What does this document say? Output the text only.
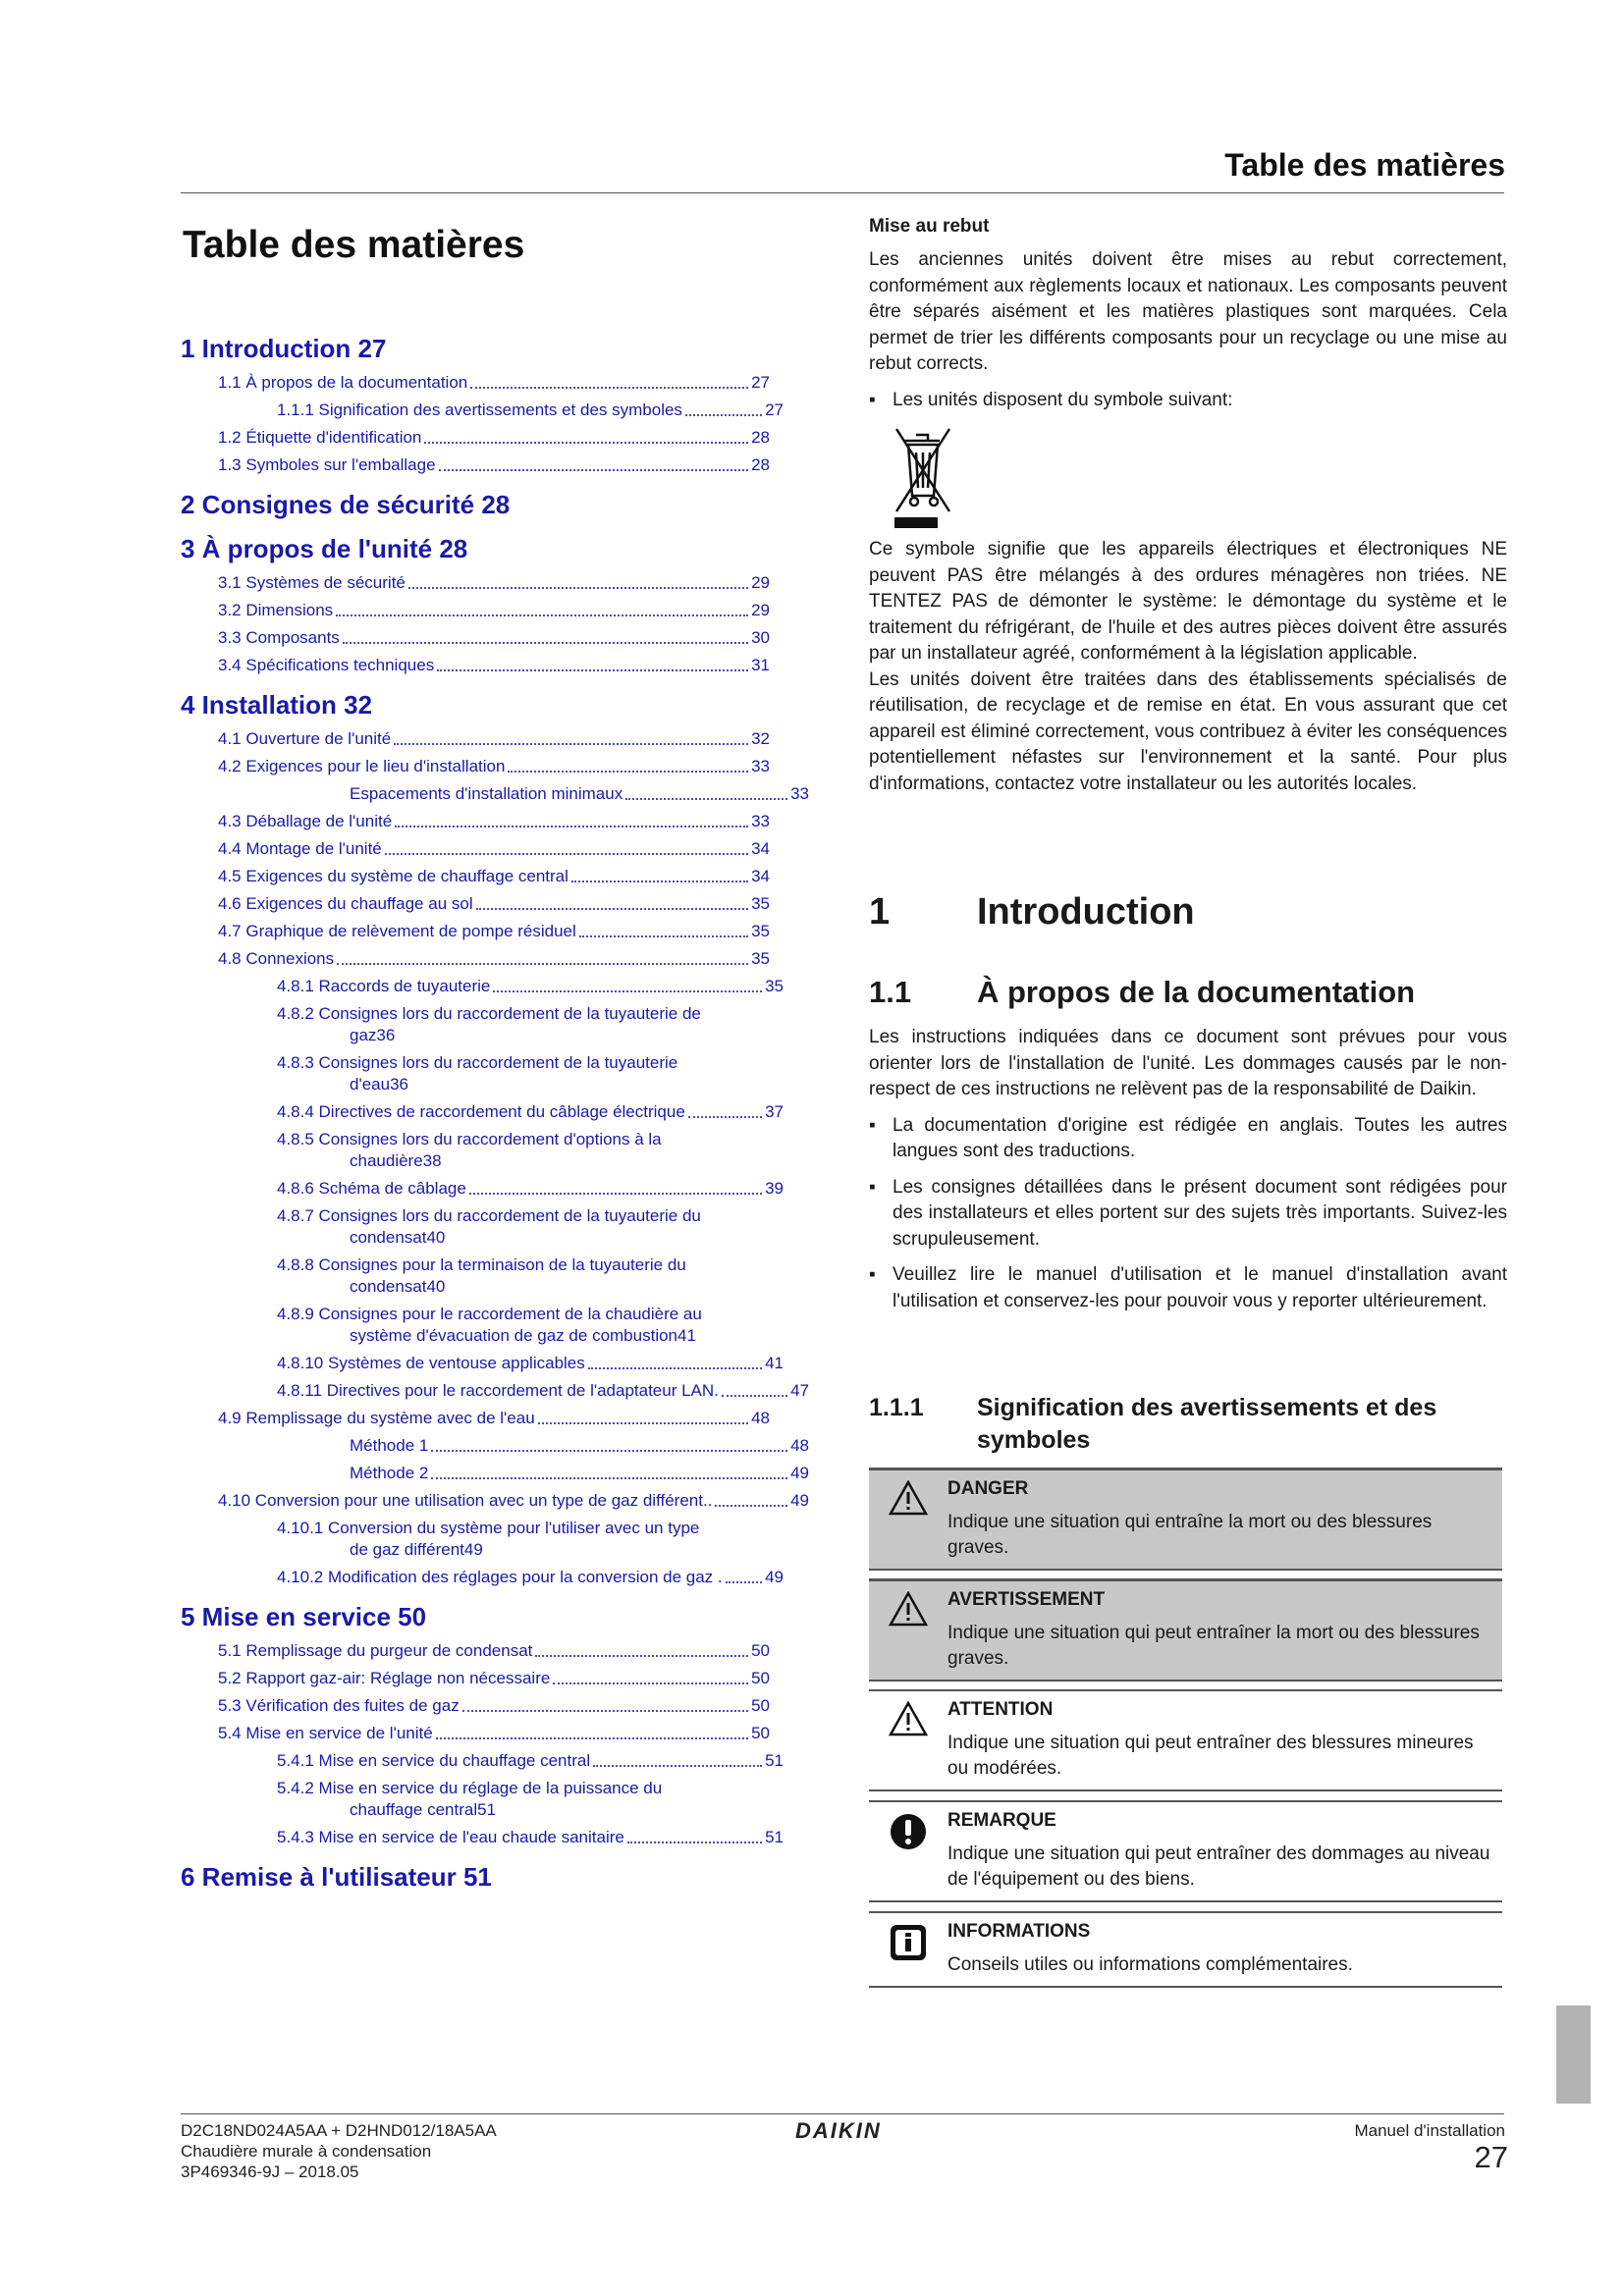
Table des matières
Table des matières
1 Introduction 27
1.1 À propos de la documentation	27
1.1.1 Signification des avertissements et des symboles	27
1.2 Étiquette d'identification	28
1.3 Symboles sur l'emballage	28
2 Consignes de sécurité 28
3 À propos de l'unité 28
3.1 Systèmes de sécurité	29
3.2 Dimensions	29
3.3 Composants	30
3.4 Spécifications techniques	31
4 Installation 32
4.1 Ouverture de l'unité	32
4.2 Exigences pour le lieu d'installation	33
Espacements d'installation minimaux	33
4.3 Déballage de l'unité	33
4.4 Montage de l'unité	34
4.5 Exigences du système de chauffage central	34
4.6 Exigences du chauffage au sol	35
4.7 Graphique de relèvement de pompe résiduel	35
4.8 Connexions	35
4.8.1 Raccords de tuyauterie	35
4.8.2 Consignes lors du raccordement de la tuyauterie de
gaz 36
4.8.3 Consignes lors du raccordement de la tuyauterie
d'eau 36
4.8.4 Directives de raccordement du câblage électrique	37
4.8.5 Consignes lors du raccordement d'options à la
chaudière 38
4.8.6 Schéma de câblage	39
4.8.7 Consignes lors du raccordement de la tuyauterie du
condensat 40
4.8.8 Consignes pour la terminaison de la tuyauterie du
condensat 40
4.8.9 Consignes pour le raccordement de la chaudière au
système d'évacuation de gaz de combustion 41
4.8.10 Systèmes de ventouse applicables	41
4.8.11 Directives pour le raccordement de l'adaptateur LAN.	47
4.9 Remplissage du système avec de l'eau	48
Méthode 1	48
Méthode 2	49
4.10 Conversion pour une utilisation avec un type de gaz différent..	49
4.10.1 Conversion du système pour l'utiliser avec un type
de gaz différent 49
4.10.2 Modification des réglages pour la conversion de gaz .	49
5 Mise en service 50
5.1 Remplissage du purgeur de condensat	50
5.2 Rapport gaz-air: Réglage non nécessaire	50
5.3 Vérification des fuites de gaz	50
5.4 Mise en service de l'unité	50
5.4.1 Mise en service du chauffage central	51
5.4.2 Mise en service du réglage de la puissance du
chauffage central 51
5.4.3 Mise en service de l'eau chaude sanitaire	51
6 Remise à l'utilisateur 51
Mise au rebut

Les anciennes unités doivent être mises au rebut correctement, conformément aux règlements locaux et nationaux. Les composants peuvent être séparés aisément et les matières plastiques sont marquées. Cela permet de trier les différents composants pour un recyclage ou une mise au rebut corrects.

▪ Les unités disposent du symbole suivant:

Ce symbole signifie que les appareils électriques et électroniques NE peuvent PAS être mélangés à des ordures ménagères non triées. NE TENTEZ PAS de démonter le système: le démontage du système et le traitement du réfrigérant, de l'huile et des autres pièces doivent être assurés par un installateur agréé, conformément à la législation applicable.

Les unités doivent être traitées dans des établissements spécialisés de réutilisation, de recyclage et de remise en état. En vous assurant que cet appareil est éliminé correctement, vous contribuez à éviter les conséquences potentiellement néfastes sur l'environnement et la santé. Pour plus d'informations, contactez votre installateur ou les autorités locales.

1	Introduction
1.1	À propos de la documentation

Les instructions indiquées dans ce document sont prévues pour vous orienter lors de l'installation de l'unité. Les dommages causés par le non-respect de ces instructions ne relèvent pas de la responsabilité de Daikin.

▪ La documentation d'origine est rédigée en anglais. Toutes les autres langues sont des traductions.
▪ Les consignes détaillées dans le présent document sont rédigées pour des installateurs et elles portent sur des sujets très importants. Suivez-les scrupuleusement.
▪ Veuillez lire le manuel d'utilisation et le manuel d'installation avant l'utilisation et conservez-les pour pouvoir vous y reporter ultérieurement.
1.1.1	Signification des avertissements et des symboles
DANGER
Indique une situation qui entraîne la mort ou des blessures graves.
AVERTISSEMENT
Indique une situation qui peut entraîner la mort ou des blessures graves.
ATTENTION
Indique une situation qui peut entraîner des blessures mineures ou modérées.
REMARQUE
Indique une situation qui peut entraîner des dommages au niveau de l'équipement ou des biens.
INFORMATIONS
Conseils utiles ou informations complémentaires.
D2C18ND024A5AA + D2HND012/18A5AA
Chaudière murale à condensation
3P469346-9J – 2018.05
DAIKIN	Manuel d'installation
27
